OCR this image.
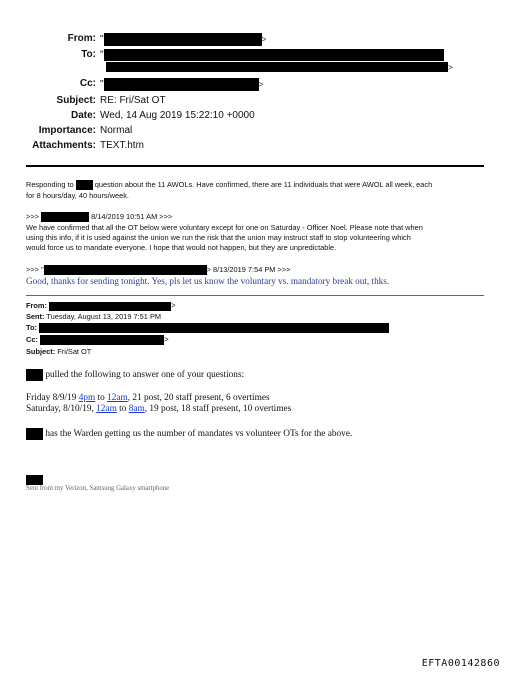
From: "	>
To: "
>
Cc: "	>
Subject: RE: Fri/Sat OT
Date: Wed, 14 Aug 2019 15:22:10 +0000
Importance: Normal
Attachments: TEXT.htm
Responding to	question about the 11 AWOLs. Have confirmed, there are 11 individuals that were AWOL all week, each
for 8 hours/day, 40 hours/week.
>>>	8/14/2019 10:51 AM >>>
We have confirmed that all the OT below were voluntary except for one on Saturday - Officer Noel. Please note that when
using this info, if it is used against the union we run the risk that the union may instruct staff to stop volunteering which
would force us to mandate everyone. I hope that would not happen, but they are unpredictable.
>>> "	> 8/13/2019 7:54 PM >>>
Good, thanks for sending tonight. Yes, pls let us know the voluntary vs. mandatory break out, thks.
From:	>
Sent: Tuesday, August 13, 2019 7:51 PM
To:
Cc:	>
Subject: Fri/Sat OT
pulled the following to answer one of your questions:
Friday 8/9/19 4pm to 12am, 21 post, 20 staff present, 6 overtimes
Saturday, 8/10/19, 12am to 8am, 19 post, 18 staff present, 10 overtimes
has the Warden getting us the number of mandates vs volunteer OTs for the above.
Sent from my Verizon, Samsung Galaxy smartphone
EFTA00142860
